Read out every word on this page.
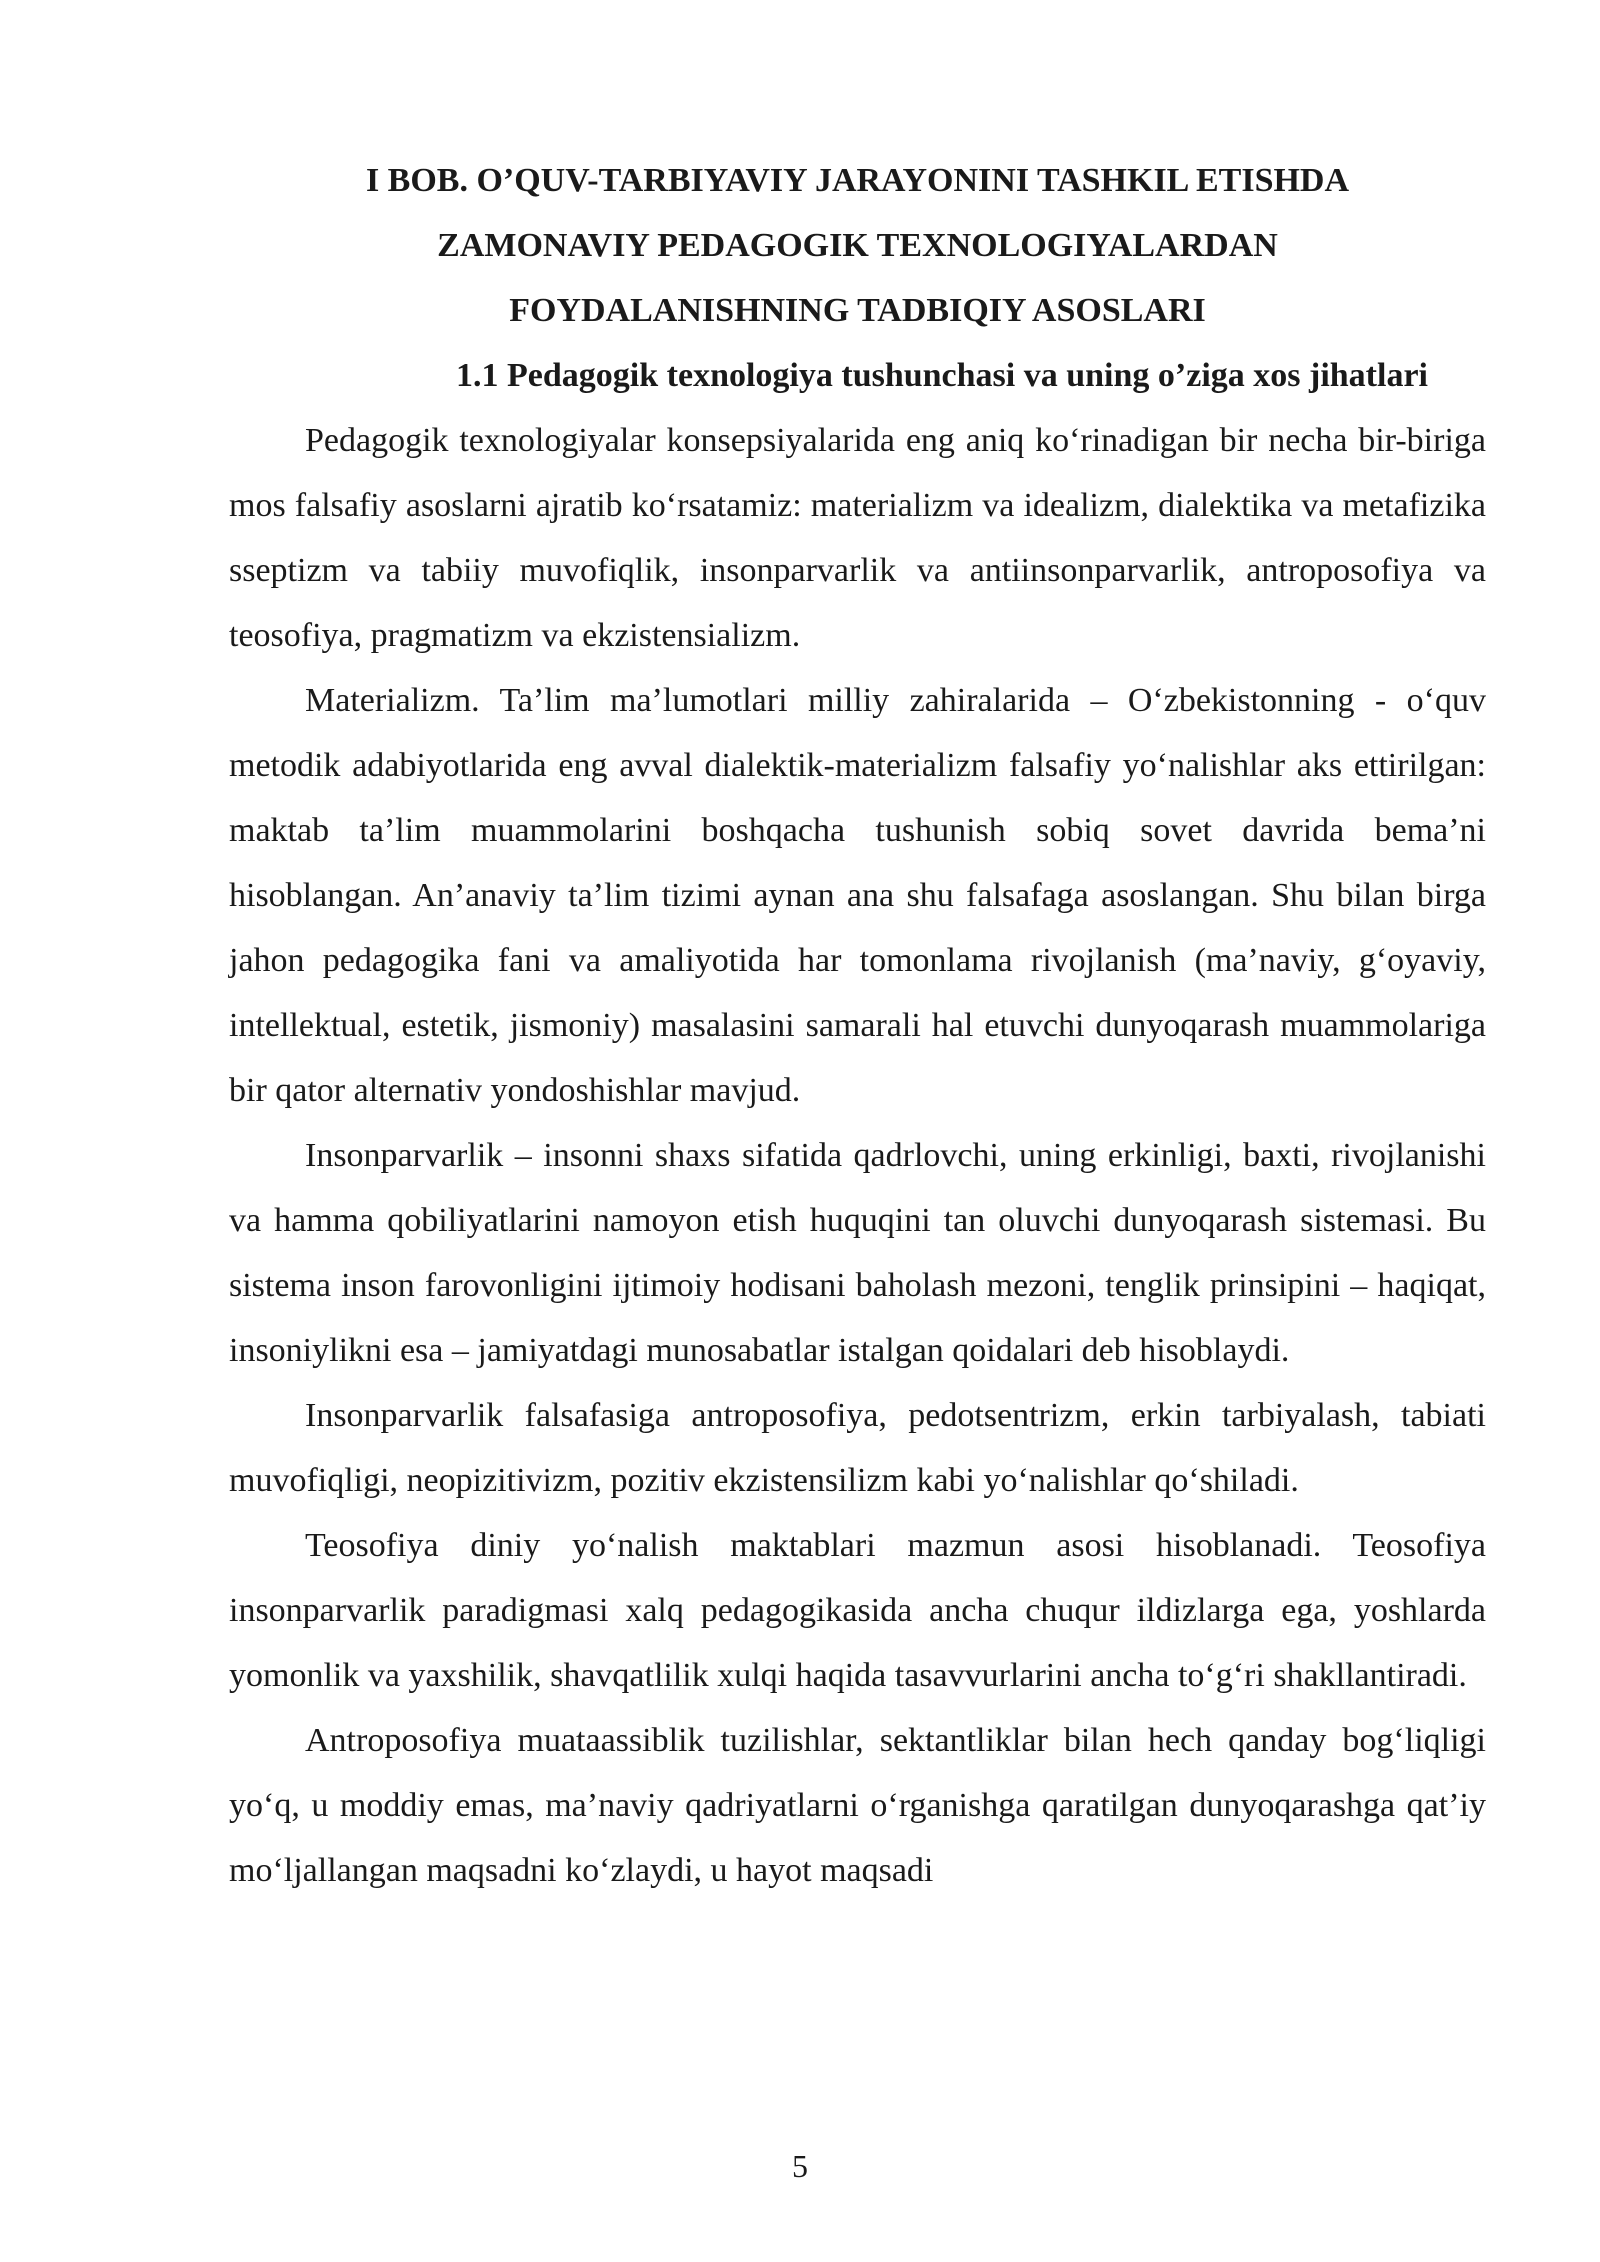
I BOB. O’QUV-TARBIYAVIY JARAYONINI TASHKIL ETISHDA
ZAMONAVIY PEDAGOGIK TEXNOLOGIYALARDAN
FOYDALANISHNING TADBIQIY ASOSLARI
1.1 Pedagogik texnologiya tushunchasi va uning o’ziga xos jihatlari

Pedagogik texnologiyalar konsepsiyalarida eng aniq ko‘rinadigan bir necha bir-biriga mos falsafiy asoslarni ajratib ko‘rsatamiz: materializm va idealizm, dialektika va metafizika sseptizm va tabiiy muvofiqlik, insonparvarlik va antiinsonparvarlik, antroposofiya va teosofiya, pragmatizm va ekzistensializm.

Materializm. Ta’lim ma’lumotlari milliy zahiralarida – O‘zbekistonning - o‘quv metodik adabiyotlarida eng avval dialektik-materializm falsafiy yo‘nalishlar aks ettirilgan: maktab ta’lim muammolarini boshqacha tushunish sobiq sovet davrida bema’ni hisoblangan. An’anaviy ta’lim tizimi aynan ana shu falsafaga asoslangan. Shu bilan birga jahon pedagogika fani va amaliyotida har tomonlama rivojlanish (ma’naviy, g‘oyaviy, intellektual, estetik, jismoniy) masalasini samarali hal etuvchi dunyoqarash muammolariga bir qator alternativ yondoshishlar mavjud.

Insonparvarlik – insonni shaxs sifatida qadrlovchi, uning erkinligi, baxti, rivojlanishi va hamma qobiliyatlarini namoyon etish huquqini tan oluvchi dunyoqarash sistemasi. Bu sistema inson farovonligini ijtimoiy hodisani baholash mezoni, tenglik prinsipini – haqiqat, insoniylikni esa – jamiyatdagi munosabatlar istalgan qoidalari deb hisoblaydi.

Insonparvarlik falsafasiga antroposofiya, pedotsentrizm, erkin tarbiyalash, tabiati muvofiqligi, neopizitivizm, pozitiv ekzistensilizm kabi yo‘nalishlar qo‘shiladi.

Teosofiya diniy yo‘nalish maktablari mazmun asosi hisoblanadi. Teosofiya insonparvarlik paradigmasi xalq pedagogikasida ancha chuqur ildizlarga ega, yoshlarda yomonlik va yaxshilik, shavqatlilik xulqi haqida tasavvurlarini ancha to‘g‘ri shakllantiradi.

Antroposofiya muataassiblik tuzilishlar, sektantliklar bilan hech qanday bog‘liqligi yo‘q, u moddiy emas, ma’naviy qadriyatlarni o‘rganishga qaratilgan dunyoqarashga qat’iy mo‘ljallangan maqsadni ko‘zlaydi, u hayot maqsadi

5
